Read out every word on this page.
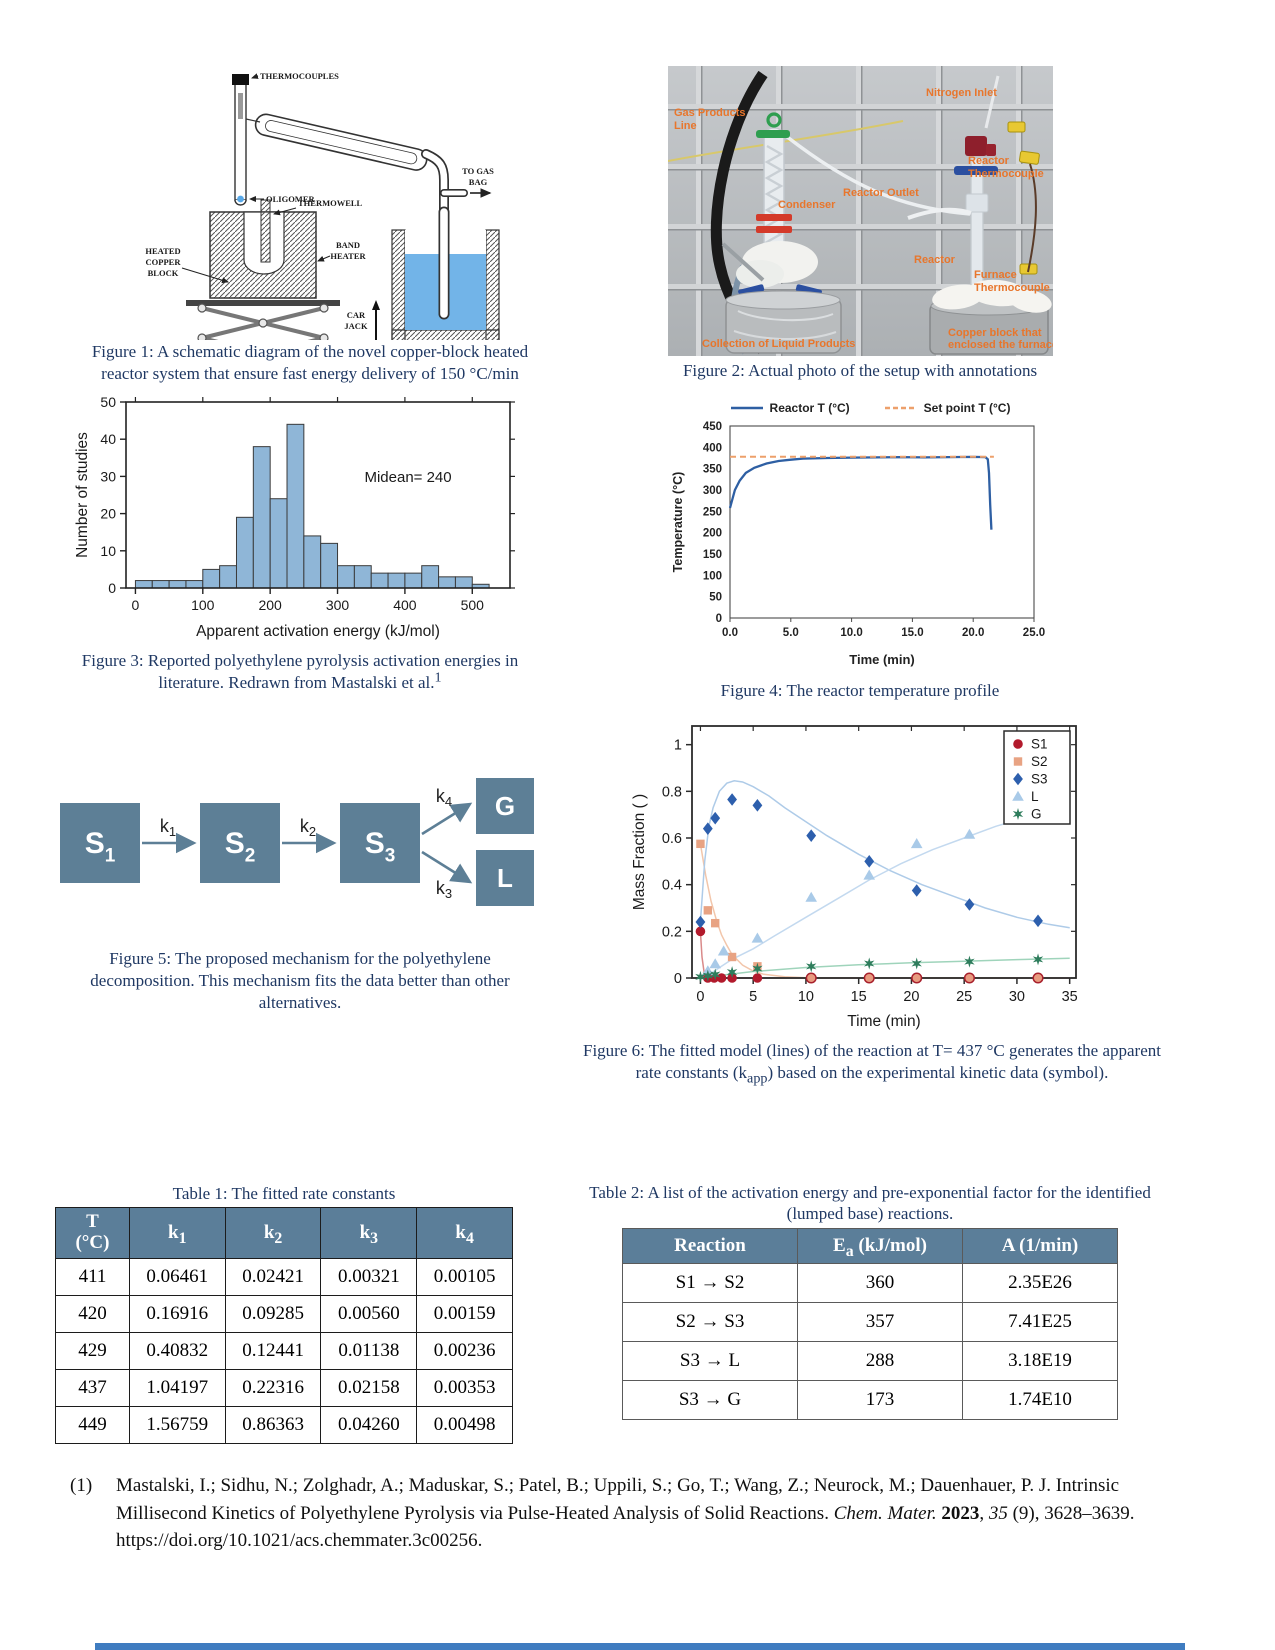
THERMOCOUPLES
OLIGOMER
THERMOWELL
HEATED COPPER BLOCK
BAND HEATER
CAR JACK
TO GAS BAG
Figure 1: A schematic diagram of the novel copper-block heated
reactor system that ensure fast energy delivery of 150 °C/min
Gas Products Line
Nitrogen Inlet
Condenser
Reactor Outlet
Reactor Thermocouple
Reactor
Furnace Thermocouple
Collection of Liquid Products
Copper block that enclosed the furnace
Figure 2: Actual photo of the setup with annotations
0	100	200	300	400	500
0
10
20
30
40
50
Apparent activation energy (kJ/mol)
Number of studies	Midean= 240
Figure 3: Reported polyethylene pyrolysis activation energies in
literature. Redrawn from Mastalski et al.$^1$
Reactor T (°C)	Set point T (°C)
0
50
100
150
200
250
300
350
400
450
0.0	5.0	10.0	15.0	20.0	25.0
Time (min)
Temperature (°C)
Figure 4: The reactor temperature profile
$S_1$	$S_2$	$S_3$
G
L
$k_1$	$k_2$
$k_4$
$k_3$
Figure 5: The proposed mechanism for the polyethylene
decomposition. This mechanism fits the data better than other
alternatives.	0	5	10	15	20	25	30	35
0
0.2
0.4
0.6
0.8
1
Time (min)
Mass Fraction ( )
S1
S2
S3
L
G
Figure 6: The fitted model (lines) of the reaction at T= 437 °C generates the apparent
rate constants $(k_{app})$ based on the experimental kinetic data (symbol).
Table 1: The fitted rate constants
T
(°C)	$k_1$	$k_2$	$k_3$	$k_4$
411	0.06461	0.02421	0.00321	0.00105
420	0.16916	0.09285	0.00560	0.00159
429	0.40832	0.12441	0.01138	0.00236
437	1.04197	0.22316	0.02158	0.00353
449	1.56759	0.86363	0.04260	0.00498
Table 2: A list of the activation energy and pre-exponential factor for the identified
(lumped base) reactions.
Reaction	$E_a$ (kJ/mol)	A (1/min)
S1 → S2	360	2.35E26
S2 → S3	357	7.41E25
S3 → L	288	3.18E19
S3 → G	173	1.74E10
(1)	Mastalski, I.; Sidhu, N.; Zolghadr, A.; Maduskar, S.; Patel, B.; Uppili, S.; Go, T.; Wang, Z.; Neurock, M.; Dauenhauer, P. J. Intrinsic Millisecond Kinetics of Polyethylene Pyrolysis via Pulse-Heated Analysis of Solid Reactions. Chem. Mater. 2023, 35 (9), 3628–3639. https://doi.org/10.1021/acs.chemmater.3c00256.
